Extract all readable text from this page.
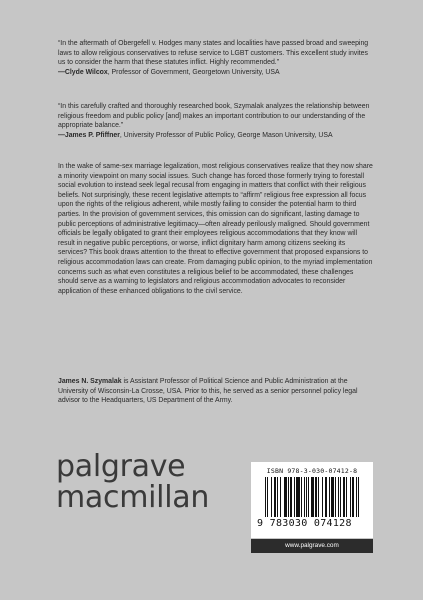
“In the aftermath of Obergefell v. Hodges many states and localities have passed broad and sweeping laws to allow religious conservatives to refuse service to LGBT customers. This excellent study invites us to consider the harm that these statutes inflict. Highly recommended.”

—Clyde Wilcox, Professor of Government, Georgetown University, USA

“In this carefully crafted and thoroughly researched book, Szymalak analyzes the relationship between religious freedom and public policy [and] makes an important contribution to our understanding of the appropriate balance.”

—James P. Pfiffner, University Professor of Public Policy, George Mason University, USA

In the wake of same-sex marriage legalization, most religious conservatives realize that they now share a minority viewpoint on many social issues. Such change has forced those formerly trying to forestall social evolution to instead seek legal recusal from engaging in matters that conflict with their religious beliefs. Not surprisingly, these recent legislative attempts to “affirm” religious free expression all focus upon the rights of the religious adherent, while mostly failing to consider the potential harm to third parties. In the provision of government services, this omission can do significant, lasting damage to public perceptions of administrative legitimacy—often already perilously maligned. Should government officials be legally obligated to grant their employees religious accommodations that they know will result in negative public perceptions, or worse, inflict dignitary harm among citizens seeking its services? This book draws attention to the threat to effective government that proposed expansions to religious accommodation laws can create. From damaging public opinion, to the myriad implementation concerns such as what even constitutes a religious belief to be accommodated, these challenges should serve as a warning to legislators and religious accommodation advocates to reconsider application of these enhanced obligations to the civil service.

James N. Szymalak is Assistant Professor of Political Science and Public Administration at the University of Wisconsin-La Crosse, USA. Prior to this, he served as a senior personnel policy legal advisor to the Headquarters, US Department of the Army.

palgrave
macmillan
ISBN 978-3-030-07412-8
9 783030 074128
www.palgrave.com
